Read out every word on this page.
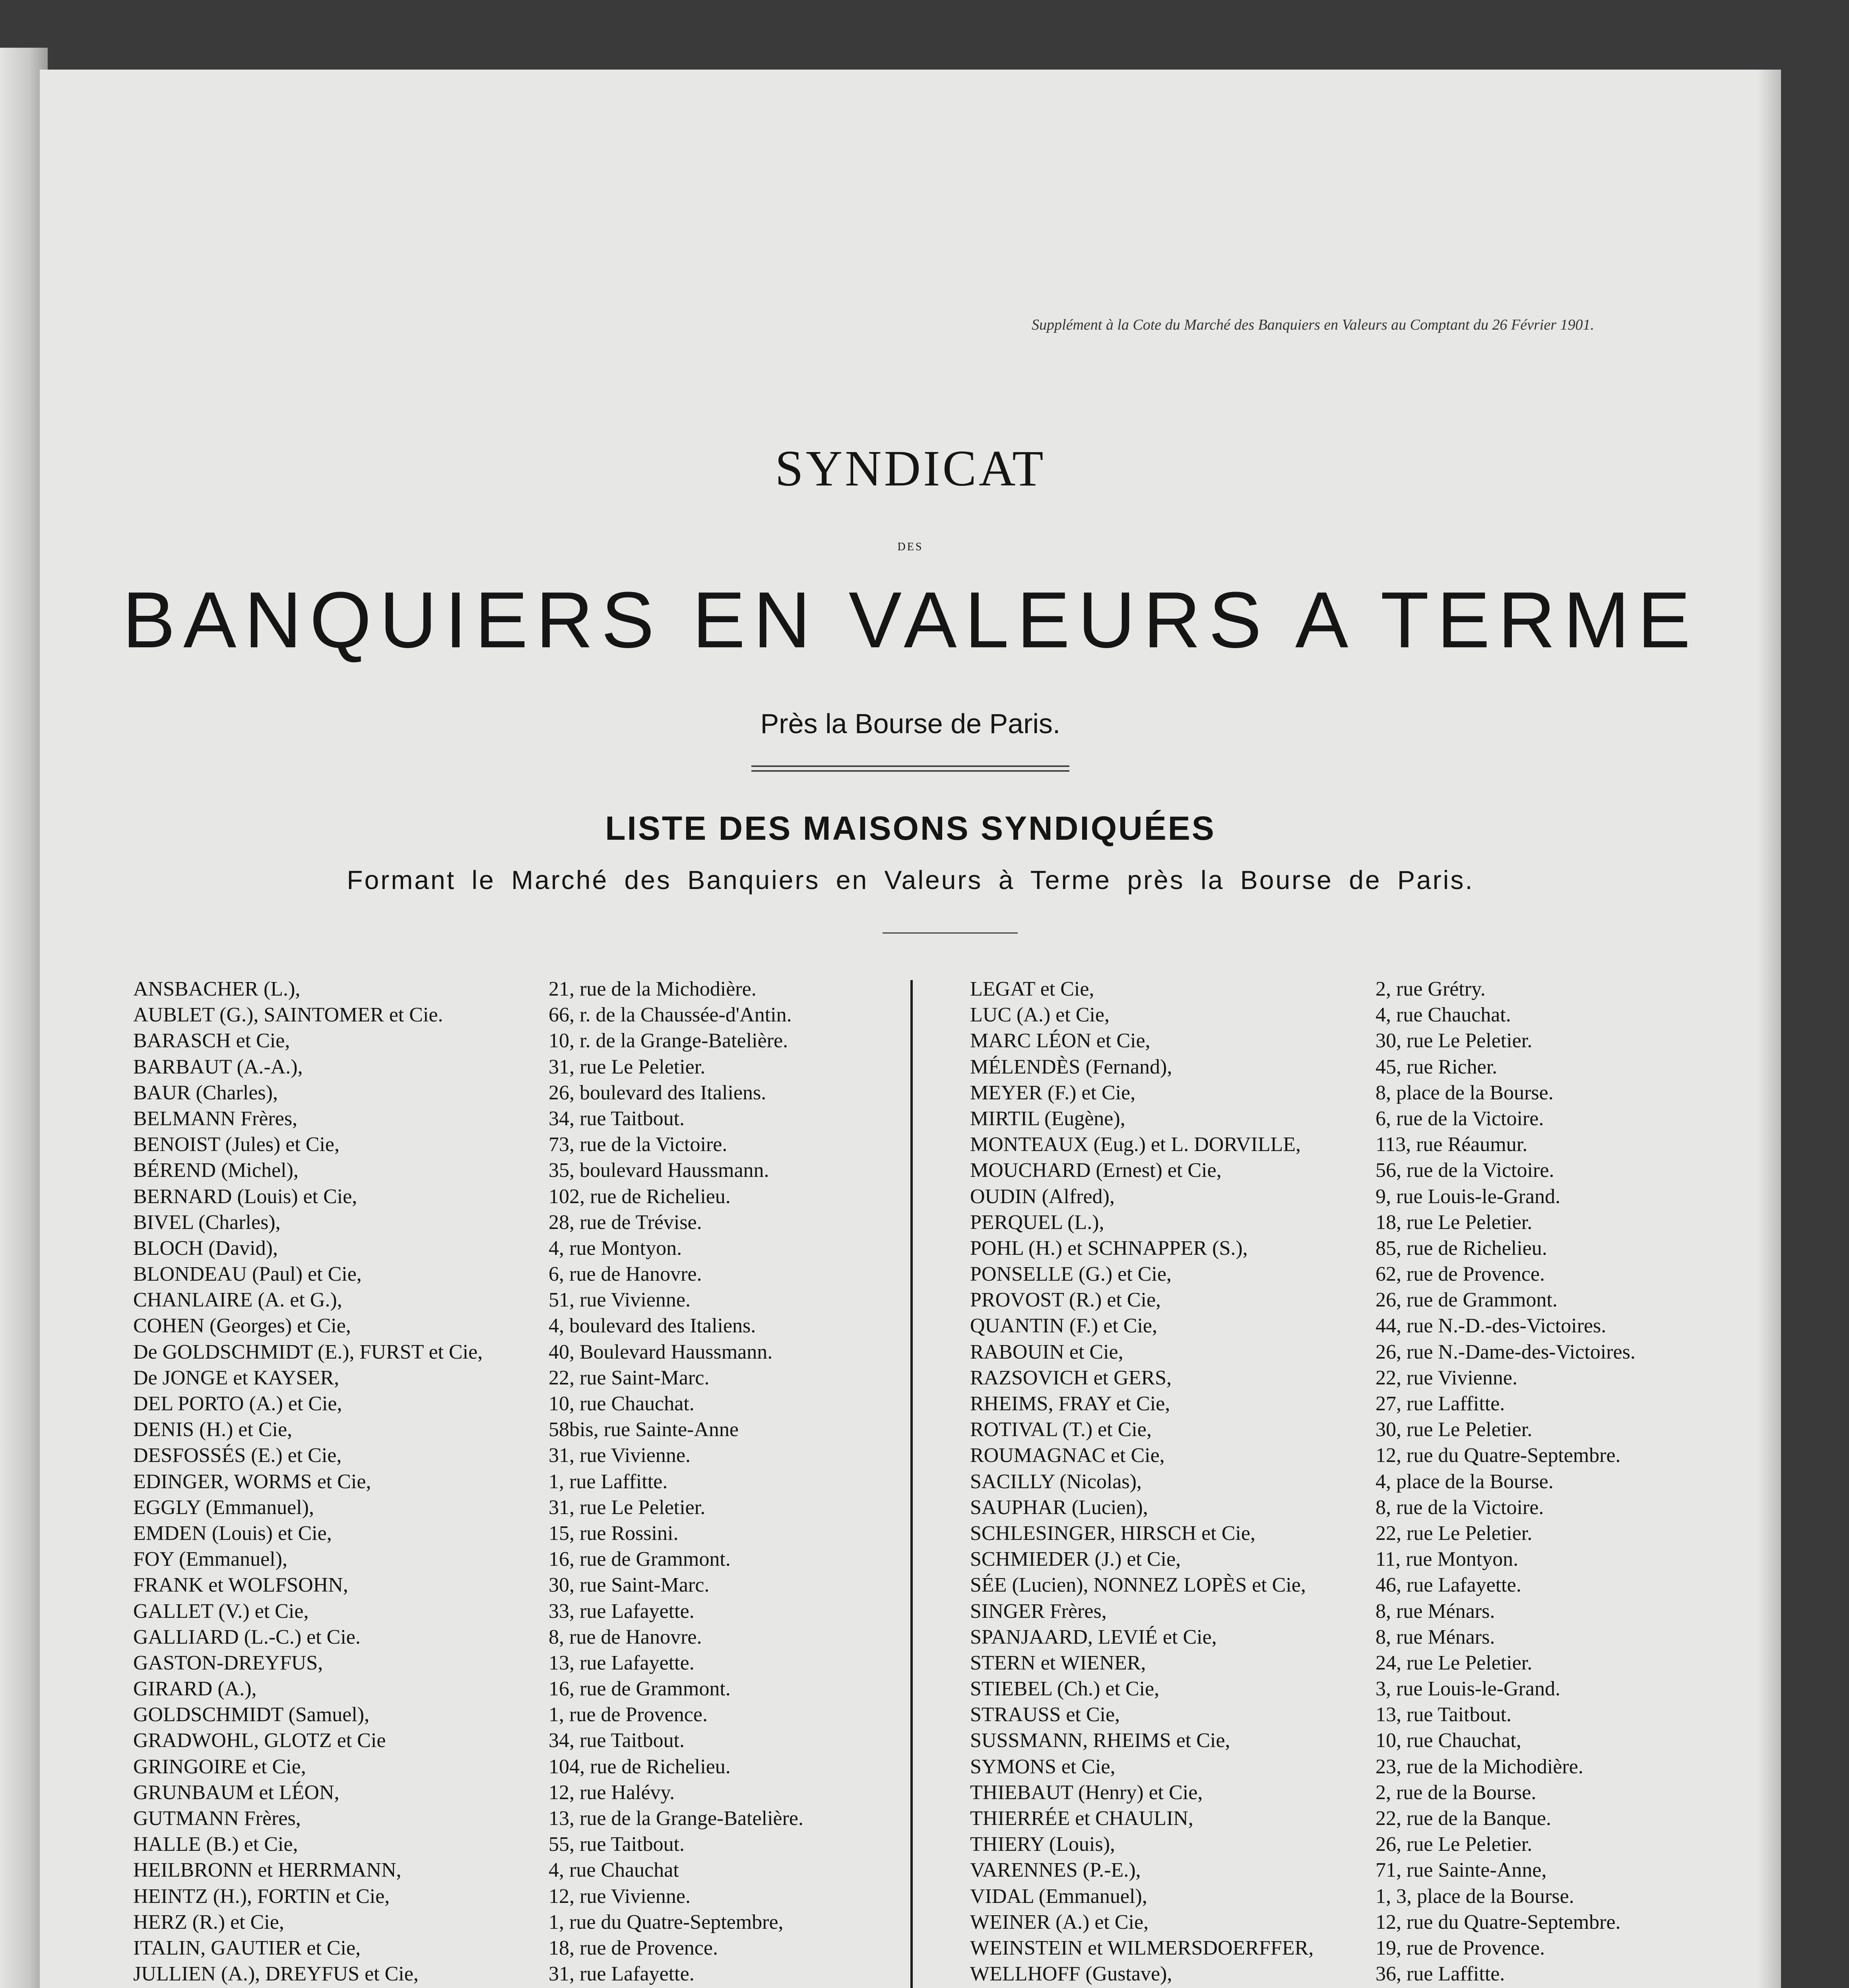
Supplément à la Cote du Marché des Banquiers en Valeurs au Comptant du 26 Février 1901.
SYNDICAT
DES
BANQUIERS EN VALEURS A TERME
Près la Bourse de Paris.
LISTE DES MAISONS SYNDIQUÉES
Formant le Marché des Banquiers en Valeurs à Terme près la Bourse de Paris.
ANSBACHER (L.),	21, rue de la Michodière.
AUBLET (G.), SAINTOMER et Cie.	66, r. de la Chaussée-d'Antin.
BARASCH et Cie,	10, r. de la Grange-Batelière.
BARBAUT (A.-A.),	31, rue Le Peletier.
BAUR (Charles),	26, boulevard des Italiens.
BELMANN Frères,	34, rue Taitbout.
BENOIST (Jules) et Cie,	73, rue de la Victoire.
BÉREND (Michel),	35, boulevard Haussmann.
BERNARD (Louis) et Cie,	102, rue de Richelieu.
BIVEL (Charles),	28, rue de Trévise.
BLOCH (David),	4, rue Montyon.
BLONDEAU (Paul) et Cie,	6, rue de Hanovre.
CHANLAIRE (A. et G.),	51, rue Vivienne.
COHEN (Georges) et Cie,	4, boulevard des Italiens.
De GOLDSCHMIDT (E.), FURST et Cie,	40, Boulevard Haussmann.
De JONGE et KAYSER,	22, rue Saint-Marc.
DEL PORTO (A.) et Cie,	10, rue Chauchat.
DENIS (H.) et Cie,	58bis, rue Sainte-Anne
DESFOSSÉS (E.) et Cie,	31, rue Vivienne.
EDINGER, WORMS et Cie,	1, rue Laffitte.
EGGLY (Emmanuel),	31, rue Le Peletier.
EMDEN (Louis) et Cie,	15, rue Rossini.
FOY (Emmanuel),	16, rue de Grammont.
FRANK et WOLFSOHN,	30, rue Saint-Marc.
GALLET (V.) et Cie,	33, rue Lafayette.
GALLIARD (L.-C.) et Cie.	8, rue de Hanovre.
GASTON-DREYFUS,	13, rue Lafayette.
GIRARD (A.),	16, rue de Grammont.
GOLDSCHMIDT (Samuel),	1, rue de Provence.
GRADWOHL, GLOTZ et Cie	34, rue Taitbout.
GRINGOIRE et Cie,	104, rue de Richelieu.
GRUNBAUM et LÉON,	12, rue Halévy.
GUTMANN Frères,	13, rue de la Grange-Batelière.
HALLE (B.) et Cie,	55, rue Taitbout.
HEILBRONN et HERRMANN,	4, rue Chauchat
HEINTZ (H.), FORTIN et Cie,	12, rue Vivienne.
HERZ (R.) et Cie,	1, rue du Quatre-Septembre,
ITALIN, GAUTIER et Cie,	18, rue de Provence.
JULLIEN (A.), DREYFUS et Cie,	31, rue Lafayette.
LEGAT et Cie,	2, rue Grétry.
LUC (A.) et Cie,	4, rue Chauchat.
MARC LÉON et Cie,	30, rue Le Peletier.
MÉLENDÈS (Fernand),	45, rue Richer.
MEYER (F.) et Cie,	8, place de la Bourse.
MIRTIL (Eugène),	6, rue de la Victoire.
MONTEAUX (Eug.) et L. DORVILLE,	113, rue Réaumur.
MOUCHARD (Ernest) et Cie,	56, rue de la Victoire.
OUDIN (Alfred),	9, rue Louis-le-Grand.
PERQUEL (L.),	18, rue Le Peletier.
POHL (H.) et SCHNAPPER (S.),	85, rue de Richelieu.
PONSELLE (G.) et Cie,	62, rue de Provence.
PROVOST (R.) et Cie,	26, rue de Grammont.
QUANTIN (F.) et Cie,	44, rue N.-D.-des-Victoires.
RABOUIN et Cie,	26, rue N.-Dame-des-Victoires.
RAZSOVICH et GERS,	22, rue Vivienne.
RHEIMS, FRAY et Cie,	27, rue Laffitte.
ROTIVAL (T.) et Cie,	30, rue Le Peletier.
ROUMAGNAC et Cie,	12, rue du Quatre-Septembre.
SACILLY (Nicolas),	4, place de la Bourse.
SAUPHAR (Lucien),	8, rue de la Victoire.
SCHLESINGER, HIRSCH et Cie,	22, rue Le Peletier.
SCHMIEDER (J.) et Cie,	11, rue Montyon.
SÉE (Lucien), NONNEZ LOPÈS et Cie,	46, rue Lafayette.
SINGER Frères,	8, rue Ménars.
SPANJAARD, LEVIÉ et Cie,	8, rue Ménars.
STERN et WIENER,	24, rue Le Peletier.
STIEBEL (Ch.) et Cie,	3, rue Louis-le-Grand.
STRAUSS et Cie,	13, rue Taitbout.
SUSSMANN, RHEIMS et Cie,	10, rue Chauchat,
SYMONS et Cie,	23, rue de la Michodière.
THIEBAUT (Henry) et Cie,	2, rue de la Bourse.
THIERRÉE et CHAULIN,	22, rue de la Banque.
THIERY (Louis),	26, rue Le Peletier.
VARENNES (P.-E.),	71, rue Sainte-Anne,
VIDAL (Emmanuel),	1, 3, place de la Bourse.
WEINER (A.) et Cie,	12, rue du Quatre-Septembre.
WEINSTEIN et WILMERSDOERFFER,	19, rue de Provence.
WELLHOFF (Gustave),	36, rue Laffitte.
